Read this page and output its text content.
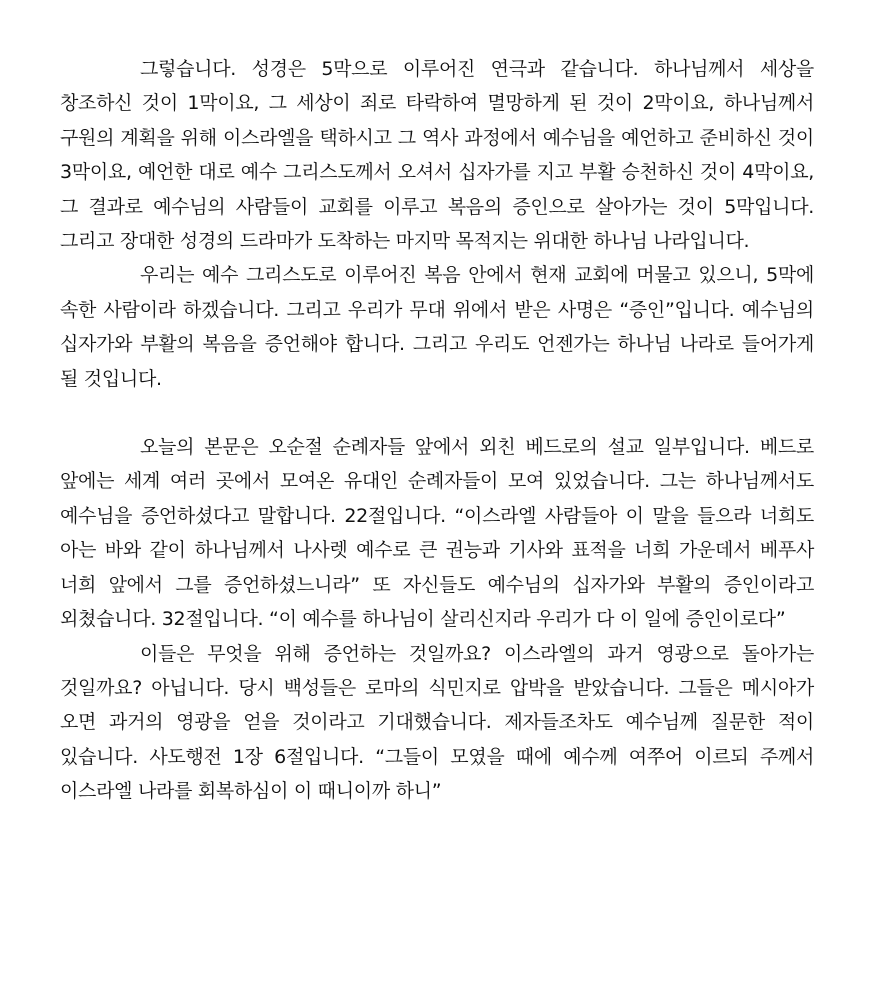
그렇습니다. 성경은 5막으로 이루어진 연극과 같습니다. 하나님께서 세상을 창조하신 것이 1막이요, 그 세상이 죄로 타락하여 멸망하게 된 것이 2막이요, 하나님께서 구원의 계획을 위해 이스라엘을 택하시고 그 역사 과정에서 예수님을 예언하고 준비하신 것이 3막이요, 예언한 대로 예수 그리스도께서 오셔서 십자가를 지고 부활 승천하신 것이 4막이요, 그 결과로 예수님의 사람들이 교회를 이루고 복음의 증인으로 살아가는 것이 5막입니다. 그리고 장대한 성경의 드라마가 도착하는 마지막 목적지는 위대한 하나님 나라입니다.

우리는 예수 그리스도로 이루어진 복음 안에서 현재 교회에 머물고 있으니, 5막에 속한 사람이라 하겠습니다. 그리고 우리가 무대 위에서 받은 사명은 “증인”입니다. 예수님의 십자가와 부활의 복음을 증언해야 합니다. 그리고 우리도 언젠가는 하나님 나라로 들어가게 될 것입니다.

오늘의 본문은 오순절 순례자들 앞에서 외친 베드로의 설교 일부입니다. 베드로 앞에는 세계 여러 곳에서 모여온 유대인 순례자들이 모여 있었습니다. 그는 하나님께서도 예수님을 증언하셨다고 말합니다. 22절입니다. “이스라엘 사람들아 이 말을 들으라 너희도 아는 바와 같이 하나님께서 나사렛 예수로 큰 권능과 기사와 표적을 너희 가운데서 베푸사 너희 앞에서 그를 증언하셨느니라” 또 자신들도 예수님의 십자가와 부활의 증인이라고 외쳤습니다. 32절입니다. “이 예수를 하나님이 살리신지라 우리가 다 이 일에 증인이로다”

이들은 무엇을 위해 증언하는 것일까요? 이스라엘의 과거 영광으로 돌아가는 것일까요? 아닙니다. 당시 백성들은 로마의 식민지로 압박을 받았습니다. 그들은 메시아가 오면 과거의 영광을 얻을 것이라고 기대했습니다. 제자들조차도 예수님께 질문한 적이 있습니다. 사도행전 1장 6절입니다. “그들이 모였을 때에 예수께 여쭈어 이르되 주께서 이스라엘 나라를 회복하심이 이 때니이까 하니”
